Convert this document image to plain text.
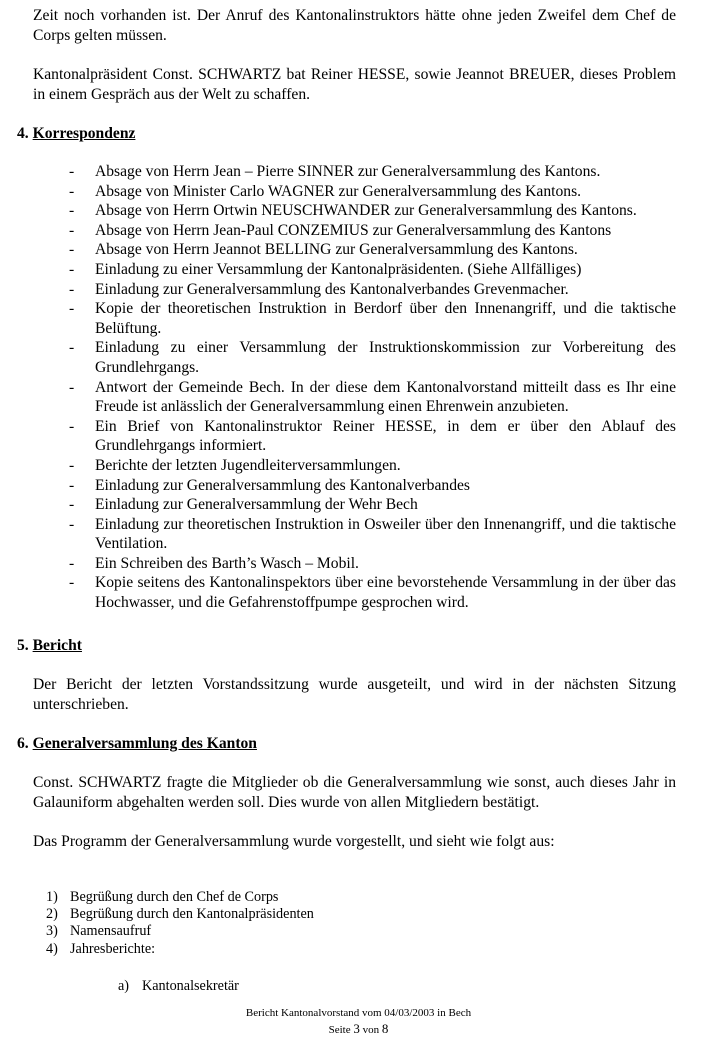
Zeit noch vorhanden ist. Der Anruf des Kantonalinstruktors hätte ohne jeden Zweifel dem Chef de Corps gelten müssen.

Kantonalpräsident Const. SCHWARTZ bat Reiner HESSE, sowie Jeannot BREUER, dieses Problem in einem Gespräch aus der Welt zu schaffen.

4. Korrespondenz

- Absage von Herrn Jean – Pierre SINNER zur Generalversammlung des Kantons.
- Absage von Minister Carlo WAGNER zur Generalversammlung des Kantons.
- Absage von Herrn Ortwin NEUSCHWANDER zur Generalversammlung des Kantons.
- Absage von Herrn Jean-Paul CONZEMIUS zur Generalversammlung des Kantons
- Absage von Herrn Jeannot BELLING zur Generalversammlung des Kantons.
- Einladung zu einer Versammlung der Kantonalpräsidenten. (Siehe Allfälliges)
- Einladung zur Generalversammlung des Kantonalverbandes Grevenmacher.
- Kopie der theoretischen Instruktion in Berdorf über den Innenangriff, und die taktische Belüftung.
- Einladung zu einer Versammlung der Instruktionskommission zur Vorbereitung des Grundlehrgangs.
- Antwort der Gemeinde Bech. In der diese dem Kantonalvorstand mitteilt dass es Ihr eine Freude ist anlässlich der Generalversammlung einen Ehrenwein anzubieten.
- Ein Brief von Kantonalinstruktor Reiner HESSE, in dem er über den Ablauf des Grundlehrgangs informiert.
- Berichte der letzten Jugendleiterversammlungen.
- Einladung zur Generalversammlung des Kantonalverbandes
- Einladung zur Generalversammlung der Wehr Bech
- Einladung zur theoretischen Instruktion in Osweiler über den Innenangriff, und die taktische Ventilation.
- Ein Schreiben des Barth’s Wasch – Mobil.
- Kopie seitens des Kantonalinspektors über eine bevorstehende Versammlung in der über das Hochwasser, und die Gefahrenstoffpumpe gesprochen wird.

5. Bericht

Der Bericht der letzten Vorstandssitzung wurde ausgeteilt, und wird in der nächsten Sitzung unterschrieben.

6. Generalversammlung des Kanton

Const. SCHWARTZ fragte die Mitglieder ob die Generalversammlung wie sonst, auch dieses Jahr in Galauniform abgehalten werden soll. Dies wurde von allen Mitgliedern bestätigt.

Das Programm der Generalversammlung wurde vorgestellt, und sieht wie folgt aus:

1) Begrüßung durch den Chef de Corps
2) Begrüßung durch den Kantonalpräsidenten
3) Namensaufruf
4) Jahresberichte:

a) Kantonalsekretär

Bericht Kantonalvorstand vom 04/03/2003 in Bech

Seite 3 von 8
